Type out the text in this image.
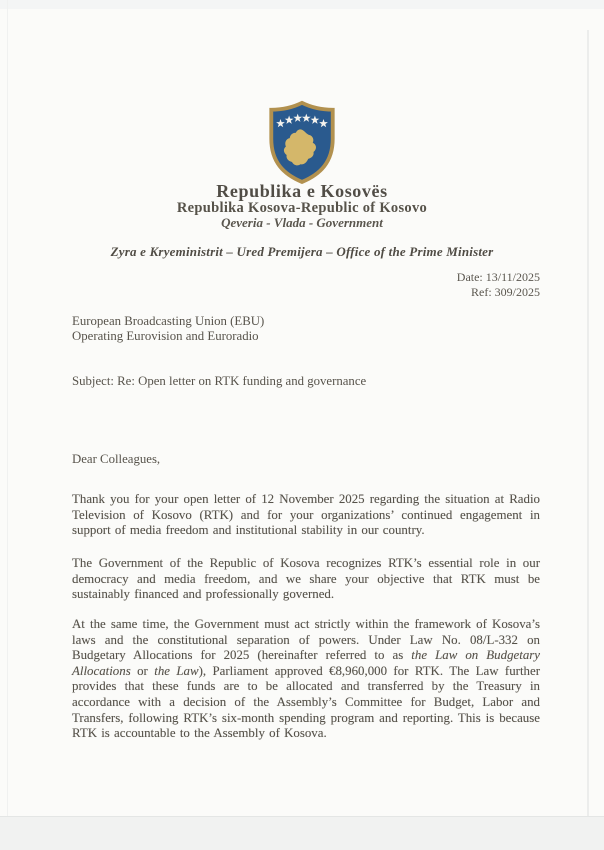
Republika e Kosovës
Republika Kosova-Republic of Kosovo
Qeveria - Vlada - Government
Zyra e Kryeministrit – Ured Premijera – Office of the Prime Minister
Date: 13/11/2025
Ref: 309/2025
European Broadcasting Union (EBU)
Operating Eurovision and Euroradio
Subject: Re: Open letter on RTK funding and governance
Dear Colleagues,

Thank you for your open letter of 12 November 2025 regarding the situation at Radio Television of Kosovo (RTK) and for your organizations’ continued engagement in support of media freedom and institutional stability in our country.

The Government of the Republic of Kosova recognizes RTK’s essential role in our democracy and media freedom, and we share your objective that RTK must be sustainably financed and professionally governed.

At the same time, the Government must act strictly within the framework of Kosova’s laws and the constitutional separation of powers. Under Law No. 08/L-332 on Budgetary Allocations for 2025 (hereinafter referred to as the Law on Budgetary Allocations or the Law), Parliament approved €8,960,000 for RTK. The Law further provides that these funds are to be allocated and transferred by the Treasury in accordance with a decision of the Assembly’s Committee for Budget, Labor and Transfers, following RTK’s six-month spending program and reporting. This is because RTK is accountable to the Assembly of Kosova.
